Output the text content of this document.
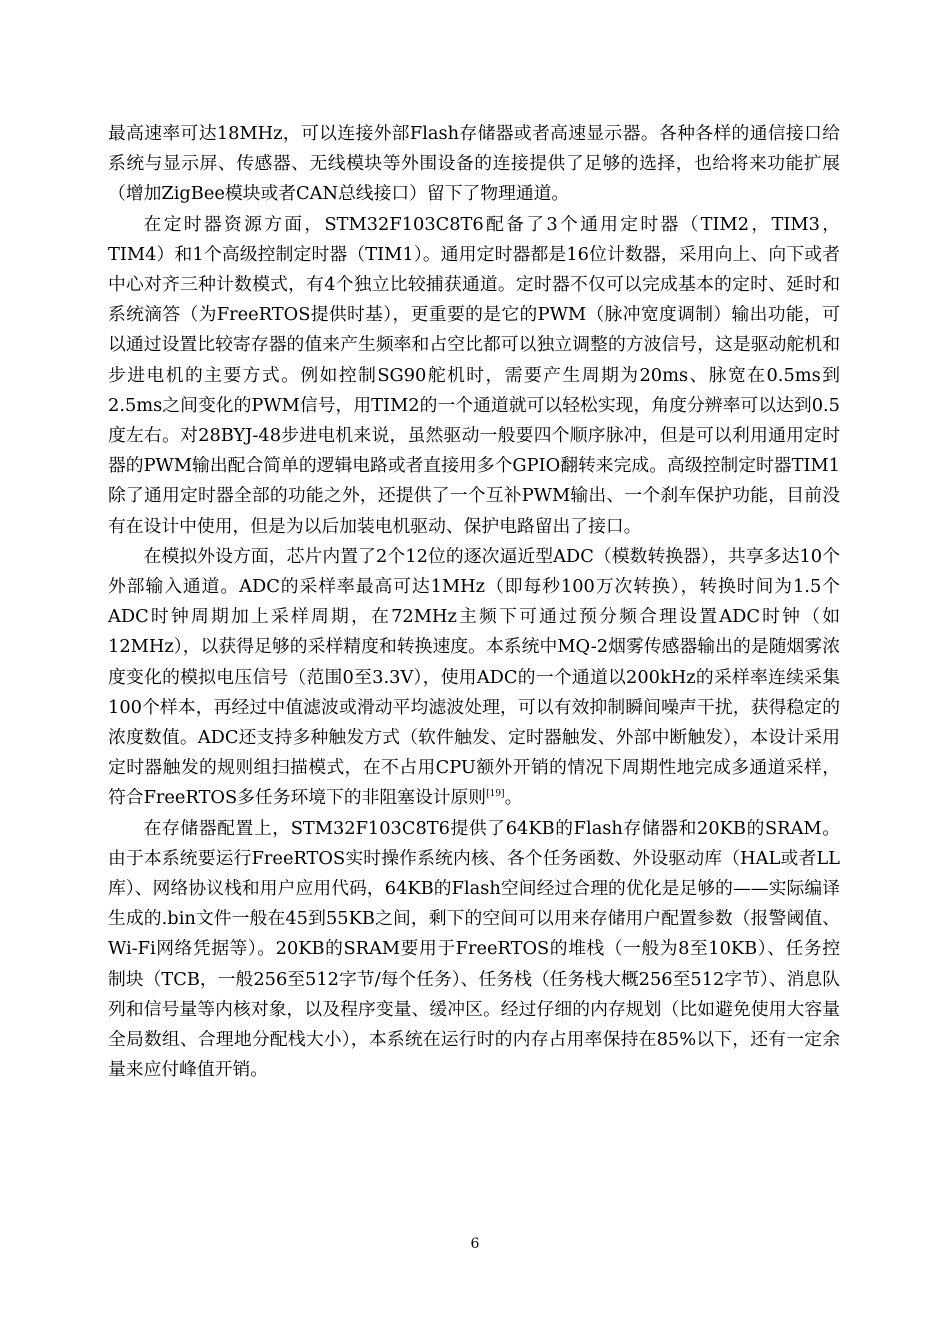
最高速率可达18MHz，可以连接外部Flash存储器或者高速显示器。各种各样的通信接口给系统与显示屏、传感器、无线模块等外围设备的连接提供了足够的选择，也给将来功能扩展（增加ZigBee模块或者CAN总线接口）留下了物理通道。

在定时器资源方面，STM32F103C8T6配备了3个通用定时器（TIM2，TIM3，TIM4）和1个高级控制定时器（TIM1）。通用定时器都是16位计数器，采用向上、向下或者中心对齐三种计数模式，有4个独立比较捕获通道。定时器不仅可以完成基本的定时、延时和系统滴答（为FreeRTOS提供时基），更重要的是它的PWM（脉冲宽度调制）输出功能，可以通过设置比较寄存器的值来产生频率和占空比都可以独立调整的方波信号，这是驱动舵机和步进电机的主要方式。例如控制SG90舵机时，需要产生周期为20ms、脉宽在0.5ms到2.5ms之间变化的PWM信号，用TIM2的一个通道就可以轻松实现，角度分辨率可以达到0.5度左右。对28BYJ-48步进电机来说，虽然驱动一般要四个顺序脉冲，但是可以利用通用定时器的PWM输出配合简单的逻辑电路或者直接用多个GPIO翻转来完成。高级控制定时器TIM1除了通用定时器全部的功能之外，还提供了一个互补PWM输出、一个刹车保护功能，目前没有在设计中使用，但是为以后加装电机驱动、保护电路留出了接口。

在模拟外设方面，芯片内置了2个12位的逐次逼近型ADC（模数转换器），共享多达10个外部输入通道。ADC的采样率最高可达1MHz（即每秒100万次转换），转换时间为1.5个ADC时钟周期加上采样周期，在72MHz主频下可通过预分频合理设置ADC时钟（如12MHz），以获得足够的采样精度和转换速度。本系统中MQ-2烟雾传感器输出的是随烟雾浓度变化的模拟电压信号（范围0至3.3V），使用ADC的一个通道以200kHz的采样率连续采集100个样本，再经过中值滤波或滑动平均滤波处理，可以有效抑制瞬间噪声干扰，获得稳定的浓度数值。ADC还支持多种触发方式（软件触发、定时器触发、外部中断触发），本设计采用定时器触发的规则组扫描模式，在不占用CPU额外开销的情况下周期性地完成多通道采样，符合FreeRTOS多任务环境下的非阻塞设计原则[19]。

在存储器配置上，STM32F103C8T6提供了64KB的Flash存储器和20KB的SRAM。由于本系统要运行FreeRTOS实时操作系统内核、各个任务函数、外设驱动库（HAL或者LL库）、网络协议栈和用户应用代码，64KB的Flash空间经过合理的优化是足够的——实际编译生成的.bin文件一般在45到55KB之间，剩下的空间可以用来存储用户配置参数（报警阈值、Wi-Fi网络凭据等）。20KB的SRAM要用于FreeRTOS的堆栈（一般为8至10KB）、任务控制块（TCB，一般256至512字节/每个任务）、任务栈（任务栈大概256至512字节）、消息队列和信号量等内核对象，以及程序变量、缓冲区。经过仔细的内存规划（比如避免使用大容量全局数组、合理地分配栈大小），本系统在运行时的内存占用率保持在85%以下，还有一定余量来应付峰值开销。

6
